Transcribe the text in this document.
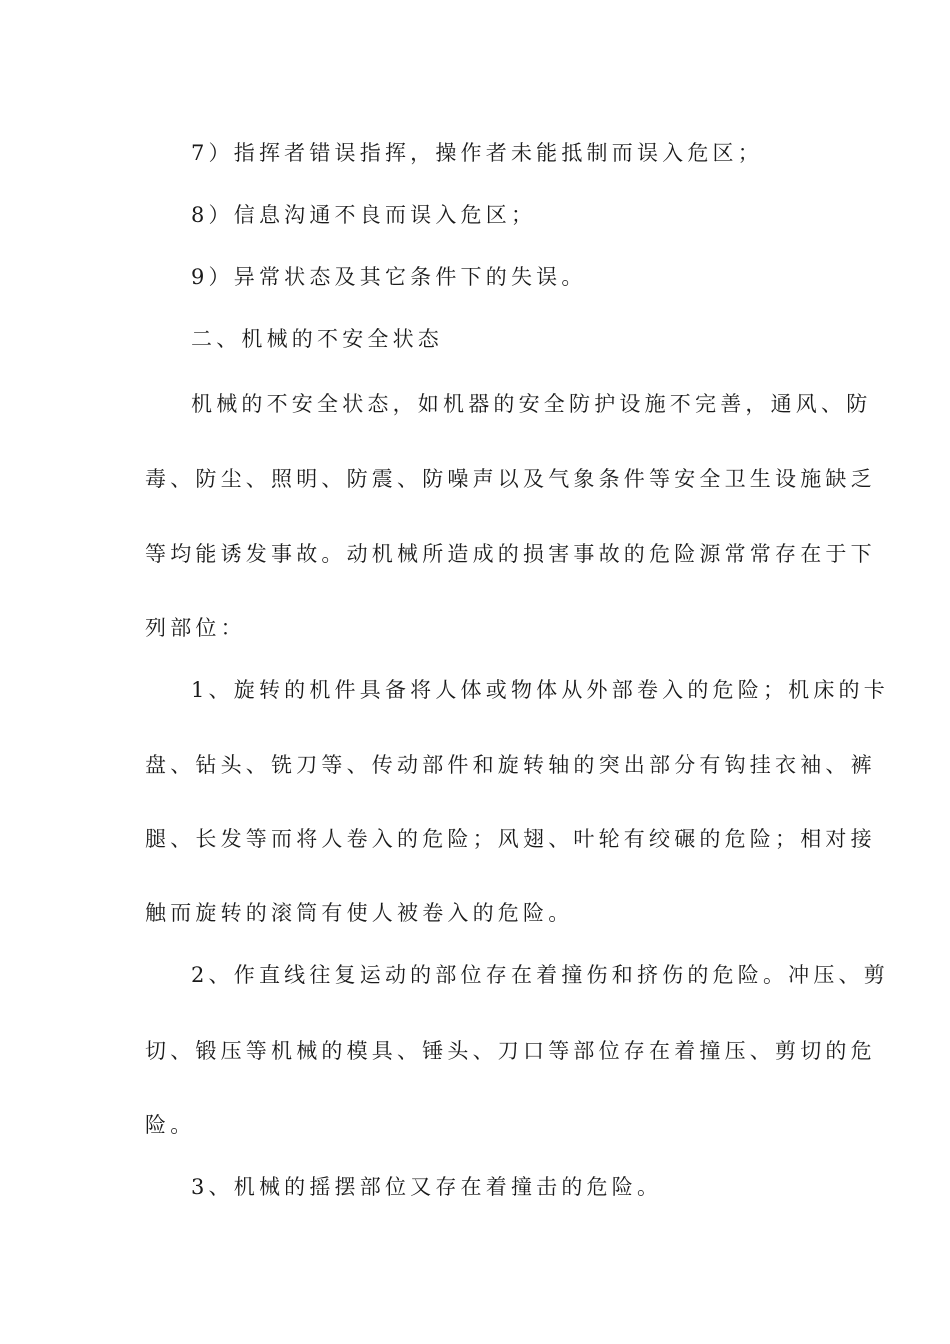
7）指挥者错误指挥，操作者未能抵制而误入危区；
8）信息沟通不良而误入危区；
9）异常状态及其它条件下的失误。
二、机械的不安全状态
机械的不安全状态，如机器的安全防护设施不完善，通风、防
毒、防尘、照明、防震、防噪声以及气象条件等安全卫生设施缺乏
等均能诱发事故。动机械所造成的损害事故的危险源常常存在于下
列部位：
1、旋转的机件具备将人体或物体从外部卷入的危险；机床的卡
盘、钻头、铣刀等、传动部件和旋转轴的突出部分有钩挂衣袖、裤
腿、长发等而将人卷入的危险；风翅、叶轮有绞碾的危险；相对接
触而旋转的滚筒有使人被卷入的危险。
2、作直线往复运动的部位存在着撞伤和挤伤的危险。冲压、剪
切、锻压等机械的模具、锤头、刀口等部位存在着撞压、剪切的危
险。
3、机械的摇摆部位又存在着撞击的危险。
